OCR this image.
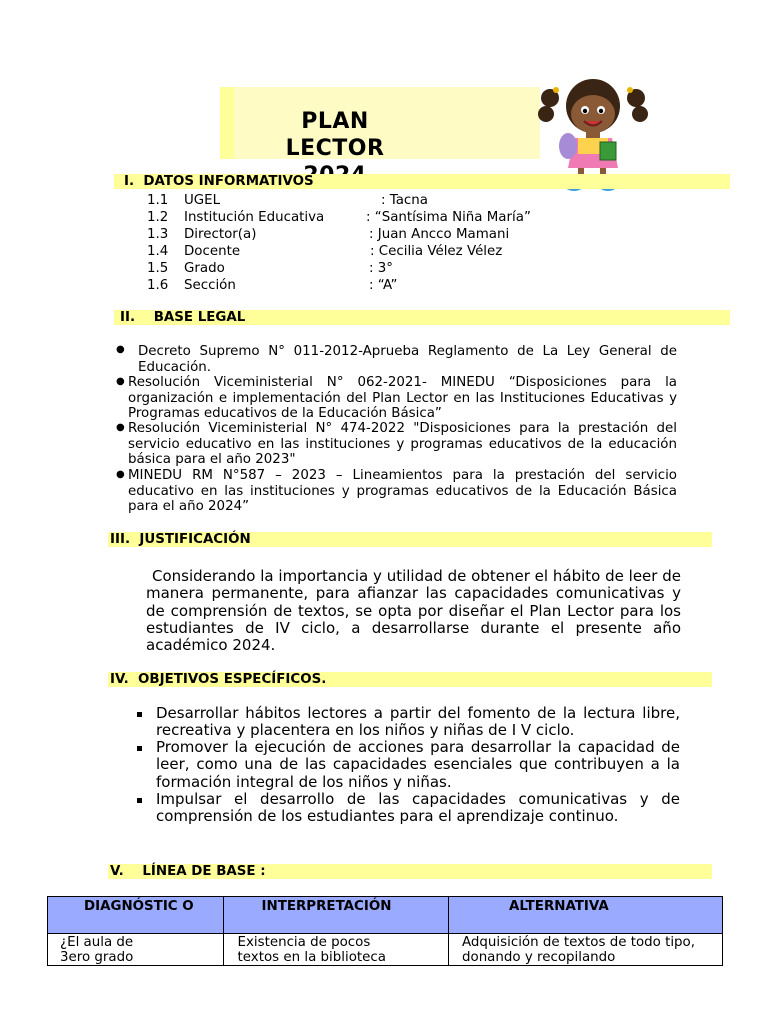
PLAN
LECTOR
I. DATOS INFORMATIVOS
1.1 UGEL	: Tacna
1.2 Institución Educativa	: “Santísima Niña María”
1.3 Director(a)	: Juan Ancco Mamani
1.4 Docente	: Cecilia Vélez Vélez
1.5 Grado	: 3°
1.6 Sección	: “A”
II. BASE LEGAL
● Decreto Supremo N° 011-2012-Aprueba Reglamento de La Ley General de Educación.
● Resolución Viceministerial N° 062-2021- MINEDU “Disposiciones para la organización e implementación del Plan Lector en las Instituciones Educativas y Programas educativos de la Educación Básica”
● Resolución Viceministerial N° 474-2022 "Disposiciones para la prestación del servicio educativo en las instituciones y programas educativos de la educación básica para el año 2023"
● MINEDU RM N°587 – 2023 – Lineamientos para la prestación del servicio educativo en las instituciones y programas educativos de la Educación Básica para el año 2024”
III. JUSTIFICACIÓN
Considerando la importancia y utilidad de obtener el hábito de leer de manera permanente, para afianzar las capacidades comunicativas y de comprensión de textos, se opta por diseñar el Plan Lector para los estudiantes de IV ciclo, a desarrollarse durante el presente año académico 2024.
IV. OBJETIVOS ESPECÍFICOS.
Desarrollar hábitos lectores a partir del fomento de la lectura libre, recreativa y placentera en los niños y niñas de I V ciclo.
Promover la ejecución de acciones para desarrollar la capacidad de leer, como una de las capacidades esenciales que contribuyen a la formación integral de los niños y niñas.
Impulsar el desarrollo de las capacidades comunicativas y de comprensión de los estudiantes para el aprendizaje continuo.
V. LÍNEA DE BASE :
DIAGNÓSTIC O	INTERPRETACIÓN	ALTERNATIVA

¿El aula de 3ero grado	Existencia de pocos textos en la biblioteca	Adquisición de textos de todo tipo, donando y recopilando
